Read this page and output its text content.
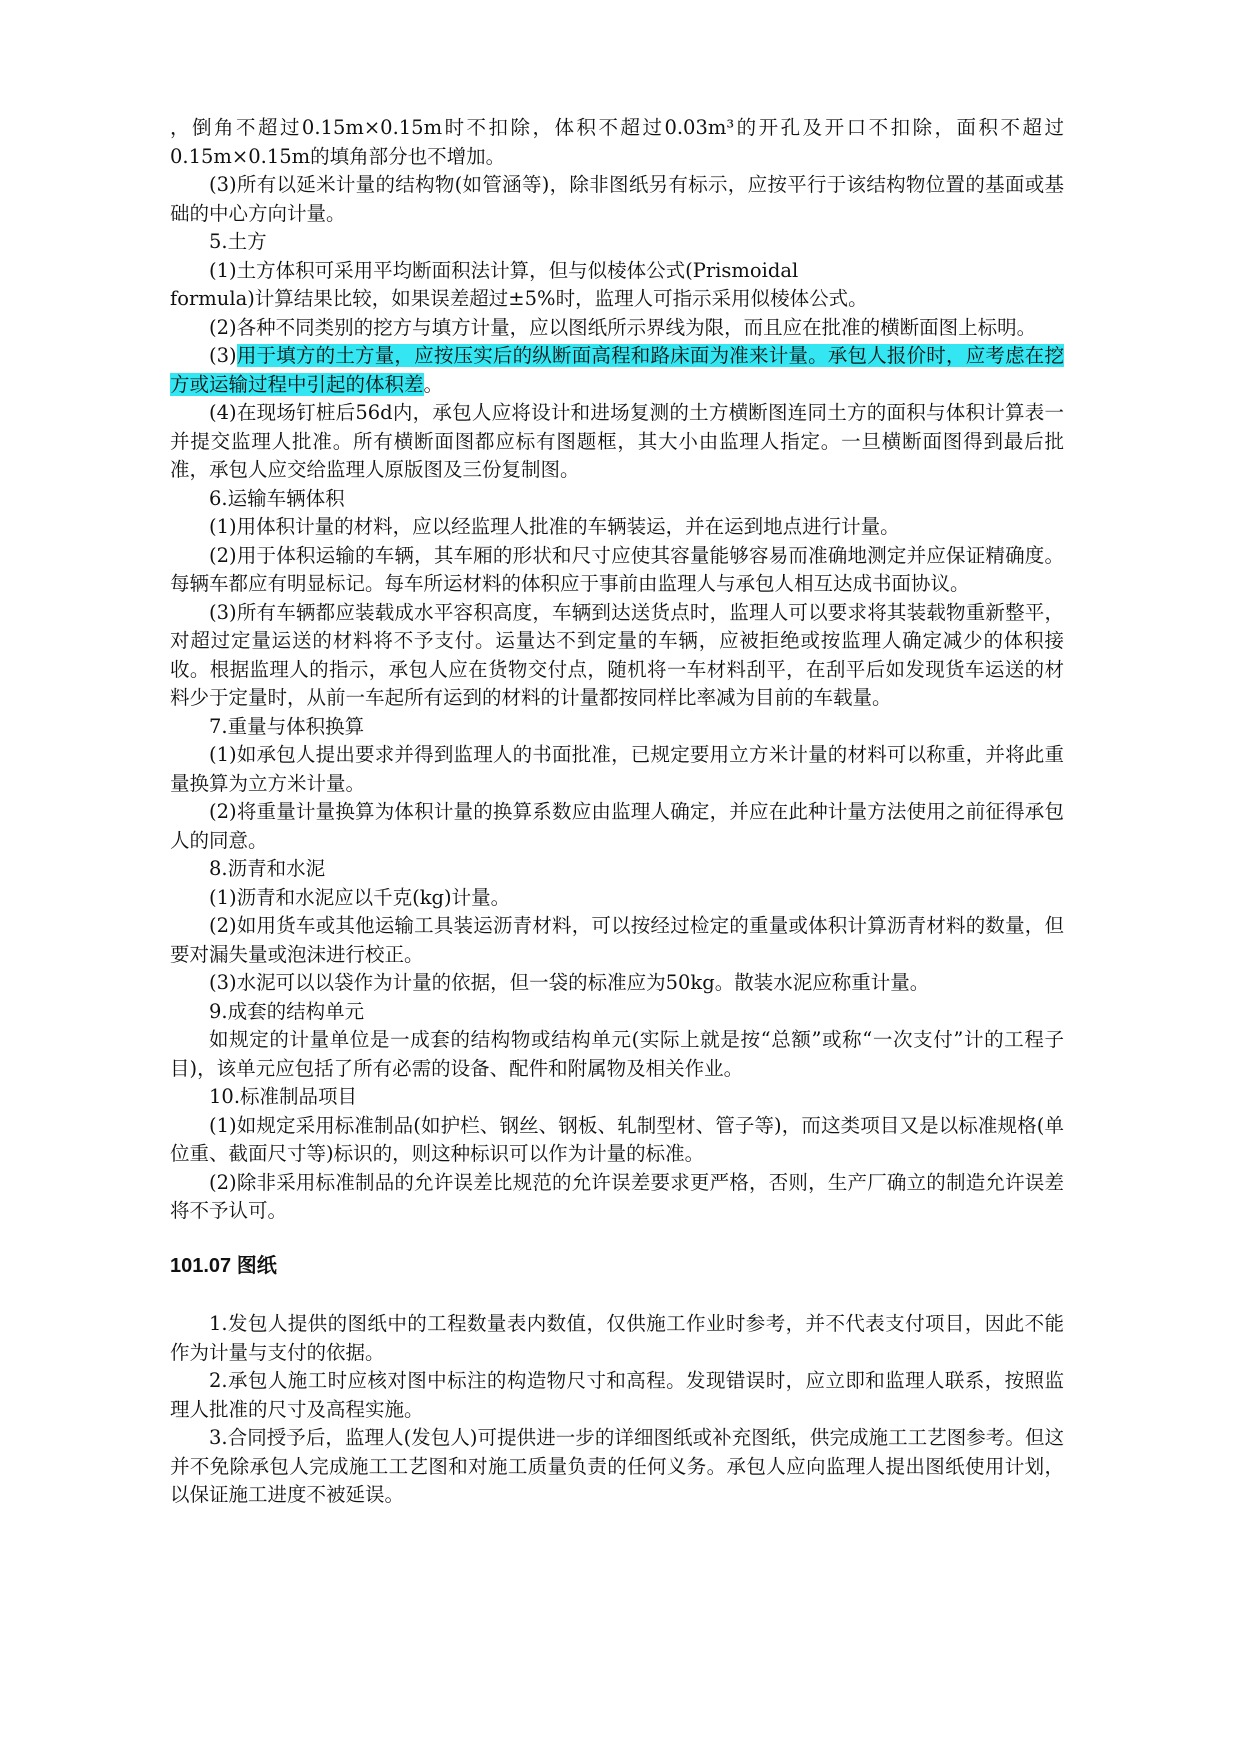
，倒角不超过0.15m×0.15m时不扣除，体积不超过0.03m³的开孔及开口不扣除，面积不超过0.15m×0.15m的填角部分也不增加。

(3)所有以延米计量的结构物(如管涵等)，除非图纸另有标示，应按平行于该结构物位置的基面或基础的中心方向计量。

5.土方

(1)土方体积可采用平均断面积法计算，但与似棱体公式(Prismoidal

formula)计算结果比较，如果误差超过±5%时，监理人可指示采用似棱体公式。

(2)各种不同类别的挖方与填方计量，应以图纸所示界线为限，而且应在批准的横断面图上标明。

(3)用于填方的土方量，应按压实后的纵断面高程和路床面为准来计量。承包人报价时，应考虑在挖方或运输过程中引起的体积差。

(4)在现场钉桩后56d内，承包人应将设计和进场复测的土方横断图连同土方的面积与体积计算表一并提交监理人批准。所有横断面图都应标有图题框，其大小由监理人指定。一旦横断面图得到最后批准，承包人应交给监理人原版图及三份复制图。

6.运输车辆体积

(1)用体积计量的材料，应以经监理人批准的车辆装运，并在运到地点进行计量。

(2)用于体积运输的车辆，其车厢的形状和尺寸应使其容量能够容易而准确地测定并应保证精确度。每辆车都应有明显标记。每车所运材料的体积应于事前由监理人与承包人相互达成书面协议。

(3)所有车辆都应装载成水平容积高度，车辆到达送货点时，监理人可以要求将其装载物重新整平，对超过定量运送的材料将不予支付。运量达不到定量的车辆，应被拒绝或按监理人确定减少的体积接收。根据监理人的指示，承包人应在货物交付点，随机将一车材料刮平，在刮平后如发现货车运送的材料少于定量时，从前一车起所有运到的材料的计量都按同样比率减为目前的车载量。

7.重量与体积换算

(1)如承包人提出要求并得到监理人的书面批准，已规定要用立方米计量的材料可以称重，并将此重量换算为立方米计量。

(2)将重量计量换算为体积计量的换算系数应由监理人确定，并应在此种计量方法使用之前征得承包人的同意。

8.沥青和水泥

(1)沥青和水泥应以千克(kg)计量。

(2)如用货车或其他运输工具装运沥青材料，可以按经过检定的重量或体积计算沥青材料的数量，但要对漏失量或泡沫进行校正。

(3)水泥可以以袋作为计量的依据，但一袋的标准应为50kg。散装水泥应称重计量。

9.成套的结构单元

如规定的计量单位是一成套的结构物或结构单元(实际上就是按“总额”或称“一次支付”计的工程子目)，该单元应包括了所有必需的设备、配件和附属物及相关作业。

10.标准制品项目

(1)如规定采用标准制品(如护栏、钢丝、钢板、轧制型材、管子等)，而这类项目又是以标准规格(单位重、截面尺寸等)标识的，则这种标识可以作为计量的标准。

(2)除非采用标准制品的允许误差比规范的允许误差要求更严格，否则，生产厂确立的制造允许误差将不予认可。

101.07 图纸

1.发包人提供的图纸中的工程数量表内数值，仅供施工作业时参考，并不代表支付项目，因此不能作为计量与支付的依据。

2.承包人施工时应核对图中标注的构造物尺寸和高程。发现错误时，应立即和监理人联系，按照监理人批准的尺寸及高程实施。

3.合同授予后，监理人(发包人)可提供进一步的详细图纸或补充图纸，供完成施工工艺图参考。但这并不免除承包人完成施工工艺图和对施工质量负责的任何义务。承包人应向监理人提出图纸使用计划，以保证施工进度不被延误。
